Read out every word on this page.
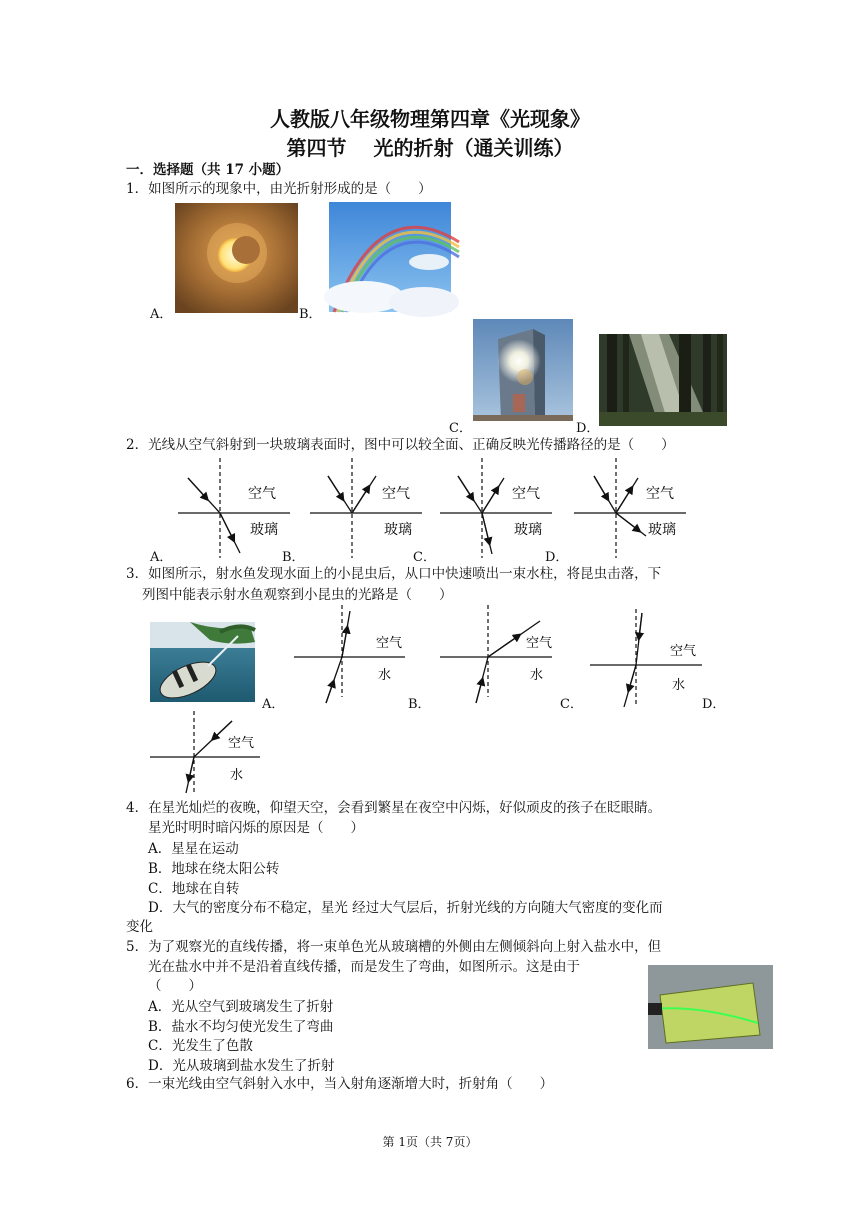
人教版八年级物理第四章《光现象》
第四节　 光的折射（通关训练）
一．选择题（共 17 小题）
1．如图所示的现象中，由光折射形成的是（　　）
A．	B．
C．	D．
2．光线从空气斜射到一块玻璃表面时，图中可以较全面、正确反映光传播路径的是（　　）
空气
玻璃
空气
玻璃
空气
玻璃
空气
玻璃
A．	B．	C．	D．
3．如图所示，射水鱼发现水面上的小昆虫后，从口中快速喷出一束水柱，将昆虫击落，下
列图中能表示射水鱼观察到小昆虫的光路是（　　）
A．
空气
水
空气
水
空气
水
空气
水
B．	C．	D．
4．在星光灿烂的夜晚，仰望天空，会看到繁星在夜空中闪烁，好似顽皮的孩子在眨眼睛。
星光时明时暗闪烁的原因是（　　）
A．星星在运动
B．地球在绕太阳公转
C．地球在自转
D．大气的密度分布不稳定，星光 经过大气层后，折射光线的方向随大气密度的变化而
变化
5．为了观察光的直线传播，将一束单色光从玻璃槽的外侧由左侧倾斜向上射入盐水中，但
光在盐水中并不是沿着直线传播，而是发生了弯曲，如图所示。这是由于
（　　）
A．光从空气到玻璃发生了折射
B．盐水不均匀使光发生了弯曲
C．光发生了色散
D．光从玻璃到盐水发生了折射
6．一束光线由空气斜射入水中，当入射角逐渐增大时，折射角（　　）
第 1页（共 7页）
